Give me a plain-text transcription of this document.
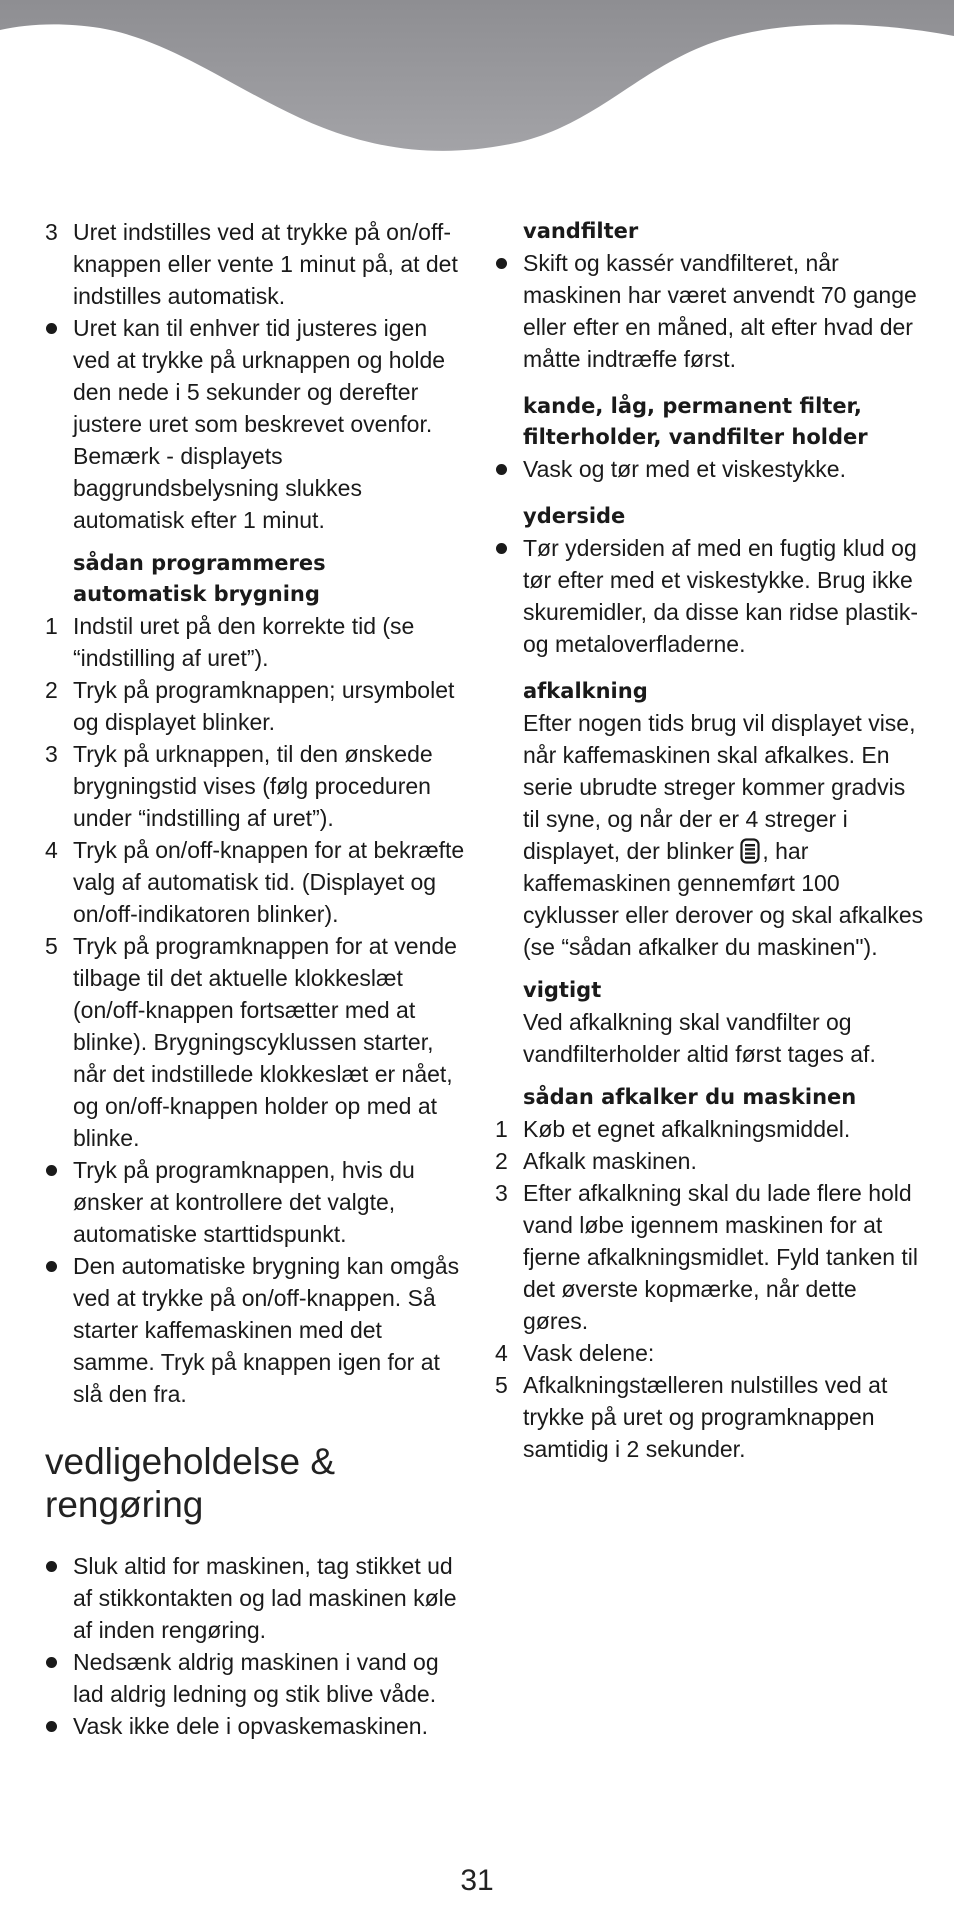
3 Uret indstilles ved at trykke på on/off-knappen eller vente 1 minut på, at det indstilles automatisk.
Uret kan til enhver tid justeres igen ved at trykke på urknappen og holde den nede i 5 sekunder og derefter justere uret som beskrevet ovenfor. Bemærk - displayets baggrundsbelysning slukkes automatisk efter 1 minut.

sådan programmeres

automatisk brygning

1 Indstil uret på den korrekte tid (se “indstilling af uret”).
2 Tryk på programknappen; ursymbolet og displayet blinker.
3 Tryk på urknappen, til den ønskede brygningstid vises (følg proceduren under “indstilling af uret”).
4 Tryk på on/off-knappen for at bekræfte valg af automatisk tid. (Displayet og on/off-indikatoren blinker).
5 Tryk på programknappen for at vende tilbage til det aktuelle klokkeslæt (on/off-knappen fortsætter med at blinke). Brygningscyklussen starter, når det indstillede klokkeslæt er nået, og on/off-knappen holder op med at blinke.
Tryk på programknappen, hvis du ønsker at kontrollere det valgte, automatiske starttidspunkt.
Den automatiske brygning kan omgås ved at trykke på on/off-knappen. Så starter kaffemaskinen med det samme. Tryk på knappen igen for at slå den fra.

vedligeholdelse &

rengøring

Sluk altid for maskinen, tag stikket ud af stikkontakten og lad maskinen køle af inden rengøring.
Nedsænk aldrig maskinen i vand og lad aldrig ledning og stik blive våde.
Vask ikke dele i opvaskemaskinen.

vandfilter

Skift og kassér vandfilteret, når maskinen har været anvendt 70 gange eller efter en måned, alt efter hvad der måtte indtræffe først.

kande, låg, permanent filter,

filterholder, vandfilter holder

Vask og tør med et viskestykke.

yderside

Tør ydersiden af med en fugtig klud og tør efter med et viskestykke. Brug ikke skuremidler, da disse kan ridse plastik- og metaloverfladerne.

afkalkning

Efter nogen tids brug vil displayet vise, når kaffemaskinen skal afkalkes. En serie ubrudte streger kommer gradvis til syne, og når der er 4 streger i displayet, der blinker , har kaffemaskinen gennemført 100 cyklusser eller derover og skal afkalkes (se “sådan afkalker du maskinen").

vigtigt

Ved afkalkning skal vandfilter og vandfilterholder altid først tages af.

sådan afkalker du maskinen

1 Køb et egnet afkalkningsmiddel.
2 Afkalk maskinen.
3 Efter afkalkning skal du lade flere hold vand løbe igennem maskinen for at fjerne afkalkningsmidlet. Fyld tanken til det øverste kopmærke, når dette gøres.
4 Vask delene:
5 Afkalkningstælleren nulstilles ved at trykke på uret og programknappen samtidig i 2 sekunder.
31
